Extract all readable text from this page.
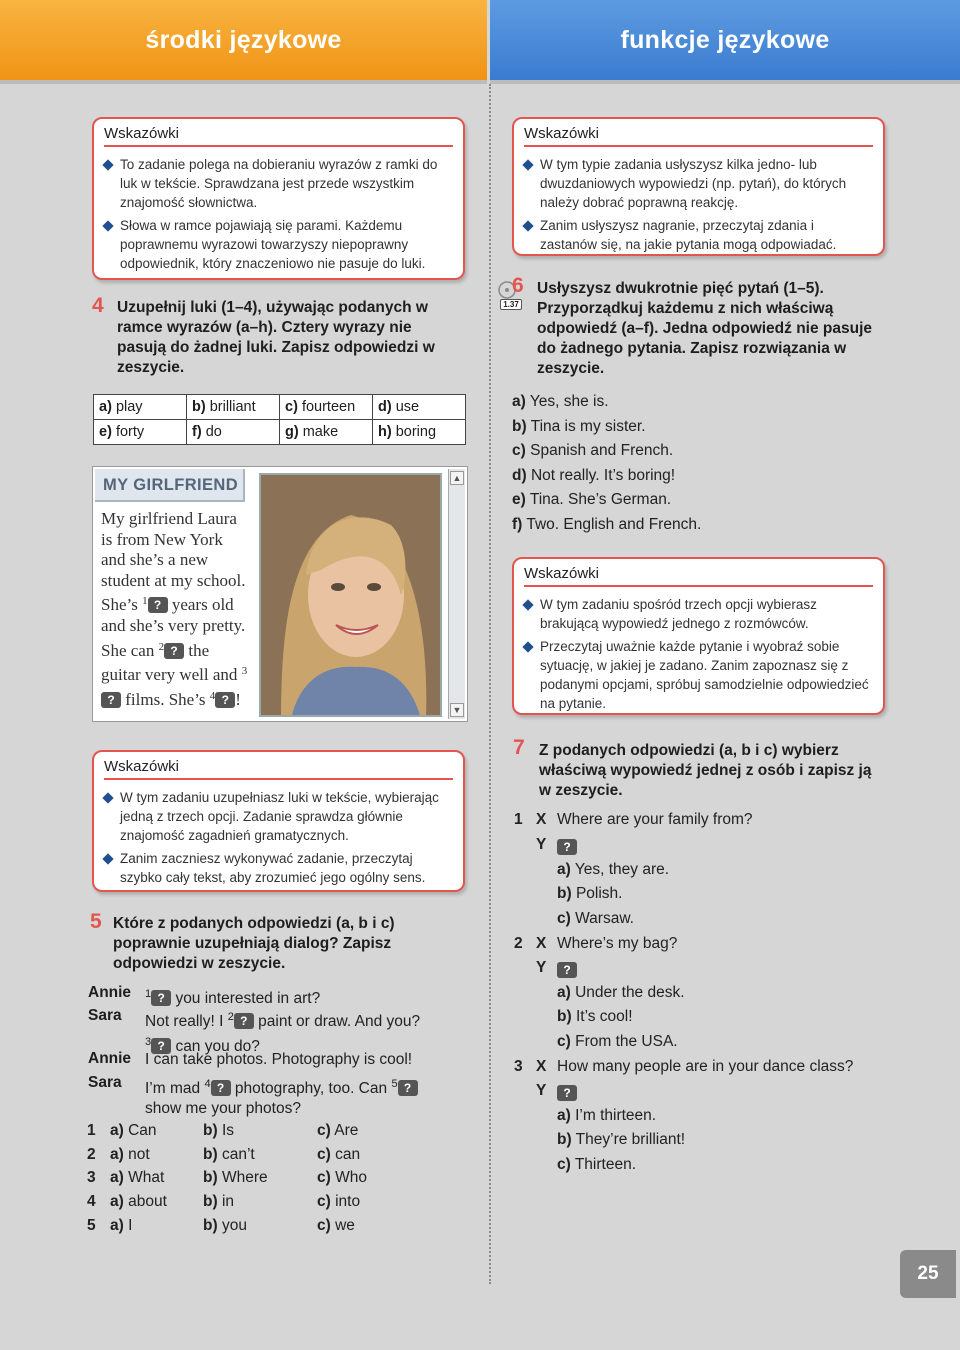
środki językowe	funkcje językowe
Wskazówki
To zadanie polega na dobieraniu wyrazów z ramki do luk w tekście. Sprawdzana jest przede wszystkim znajomość słownictwa.
Słowa w ramce pojawiają się parami. Każdemu poprawnemu wyrazowi towarzyszy niepoprawny odpowiednik, który znaczeniowo nie pasuje do luki.
4 Uzupełnij luki (1–4), używając podanych w ramce wyrazów (a–h). Cztery wyrazy nie pasują do żadnej luki. Zapisz odpowiedzi w zeszycie.
a) play	b) brilliant	c) fourteen	d) use
e) forty	f) do	g) make	h) boring
MY GIRLFRIEND
My girlfriend Laura is from New York and she’s a new student at my school. She’s $^1$ ? years old and she’s very pretty. She can $^2$ ? the guitar very well and $^3$? films. She’s $^4$ ? !
▲
▼
Wskazówki
W tym zadaniu uzupełniasz luki w tekście, wybierając jedną z trzech opcji. Zadanie sprawdza głównie znajomość zagadnień gramatycznych.
Zanim zaczniesz wykonywać zadanie, przeczytaj szybko cały tekst, aby zrozumieć jego ogólny sens.
5 Które z podanych odpowiedzi (a, b i c) poprawnie uzupełniają dialog? Zapisz odpowiedzi w zeszycie.
Annie $^1$ ? you interested in art?
Sara Not really! I $^2$ ? paint or draw. And you?
$^3$ ? can you do?
Annie I can take photos. Photography is cool!
Sara I’m mad $^4$ ? photography, too. Can $^5$ ?
show me your photos?
1 a) Can	b) Is	c) Are
2 a) not	b) can’t	c) can
3 a) What b) Where	c) Who
4 a) about b) in	c) into
5 a) I	b) you	c) we
Wskazówki
W tym typie zadania usłyszysz kilka jedno- lub dwuzdaniowych wypowiedzi (np. pytań), do których należy dobrać poprawną reakcję.
Zanim usłyszysz nagranie, przeczytaj zdania i zastanów się, na jakie pytania mogą odpowiadać.
1.37
6 Usłyszysz dwukrotnie pięć pytań (1–5). Przyporządkuj każdemu z nich właściwą odpowiedź (a–f). Jedna odpowiedź nie pasuje do żadnego pytania. Zapisz rozwiązania w zeszycie.
a) Yes, she is.
b) Tina is my sister.
c) Spanish and French.
d) Not really. It’s boring!
e) Tina. She’s German.
f) Two. English and French.
Wskazówki
W tym zadaniu spośród trzech opcji wybierasz brakującą wypowiedź jednego z rozmówców.
Przeczytaj uważnie każde pytanie i wyobraź sobie sytuację, w jakiej je zadano. Zanim zapoznasz się z podanymi opcjami, spróbuj samodzielnie odpowiedzieć na pytanie.
7 Z podanych odpowiedzi (a, b i c) wybierz właściwą wypowiedź jednej z osób i zapisz ją w zeszycie.
1 X Where are your family from?
Y	?
a) Yes, they are.
b) Polish.
c) Warsaw.
2 X Where’s my bag?
Y	?
a) Under the desk.
b) It’s cool!
c) From the USA.
3 X How many people are in your dance class?
Y	?
a) I’m thirteen.
b) They’re brilliant!
c) Thirteen.
25
